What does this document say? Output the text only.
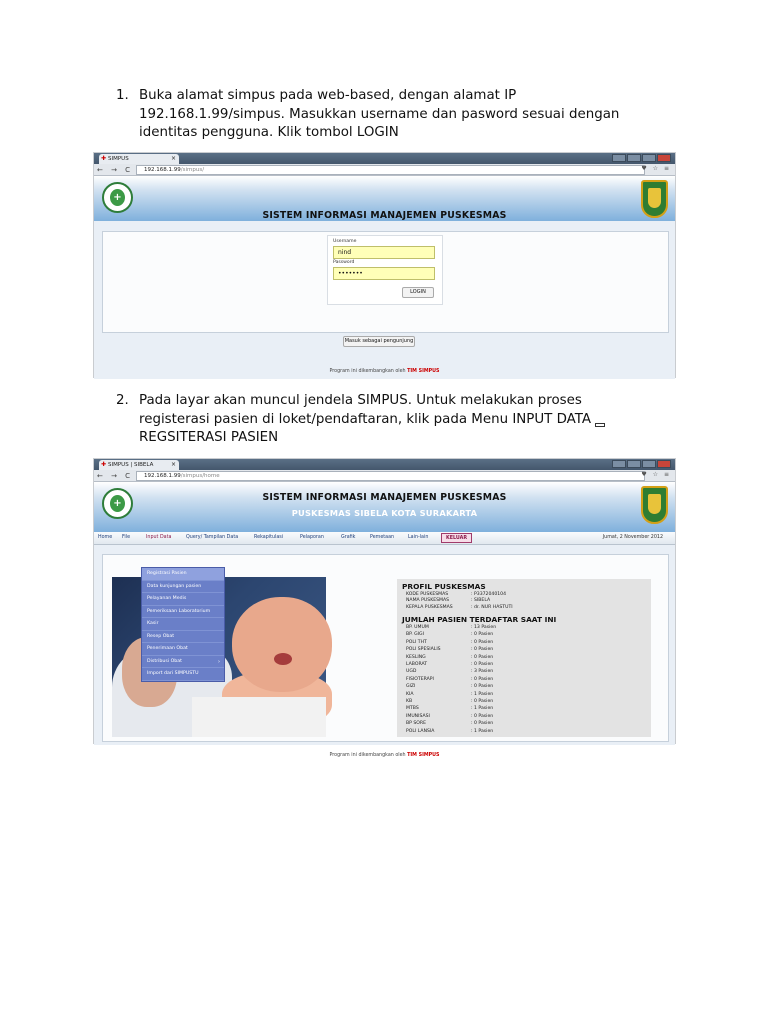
1. Buka alamat simpus pada web-based, dengan alamat IP
192.168.1.99/simpus. Masukkan username dan pasword sesuai dengan
identitas pengguna. Klik tombol LOGIN
✚ SIMPUS	×
← → C	192.168.1.99/simpus/	♥ ☆ ≡
+
SISTEM INFORMASI MANAJEMEN PUSKESMAS
Username
nind
Password
•••••••
LOGIN
Masuk sebagai pengunjung
Program ini dikembangkan oleh TIM SIMPUS
2. Pada layar akan muncul jendela SIMPUS. Untuk melakukan proses
registerasi pasien di loket/pendaftaran, klik pada Menu INPUT DATA
REGSITERASI PASIEN
✚ SIMPUS | SIBELA	×
← → C	192.168.1.99/simpus/home	♥ ☆ ≡
+
SISTEM INFORMASI MANAJEMEN PUSKESMAS
PUSKESMAS SIBELA KOTA SURAKARTA
Home File	Input Data	Query/ Tampilan Data	Rekapitulasi	Pelaporan	Grafik	Pemetaan	Lain-lain	KELUAR	Jumat, 2 November 2012
Registrasi Pasien
Data kunjungan pasien
Pelayanan Medis
Pemeriksaan Laboratorium
Kasir
Resep Obat
Penerimaan Obat
Distribusi Obat	›
Import dari SIMPUSTU
PROFIL PUSKESMAS
KODE PUSKESMAS	: P3372040104
NAMA PUSKESMAS	: SIBELA
KEPALA PUSKESMAS	: dr. NUR HASTUTI
JUMLAH PASIEN TERDAFTAR SAAT INI
BP. UMUM	: 13 Pasien
BP. GIGI	: 0 Pasien
POLI THT	: 0 Pasien
POLI SPESIALIS	: 0 Pasien
KESLING	: 0 Pasien
LABORAT	: 0 Pasien
UGD	: 3 Pasien
FISIOTERAPI	: 0 Pasien
GIZI	: 0 Pasien
KIA	: 1 Pasien
KB	: 0 Pasien
MTBS	: 1 Pasien
IMUNISASI	: 0 Pasien
BP SORE	: 0 Pasien
POLI LANSIA	: 1 Pasien
Program ini dikembangkan oleh TIM SIMPUS
